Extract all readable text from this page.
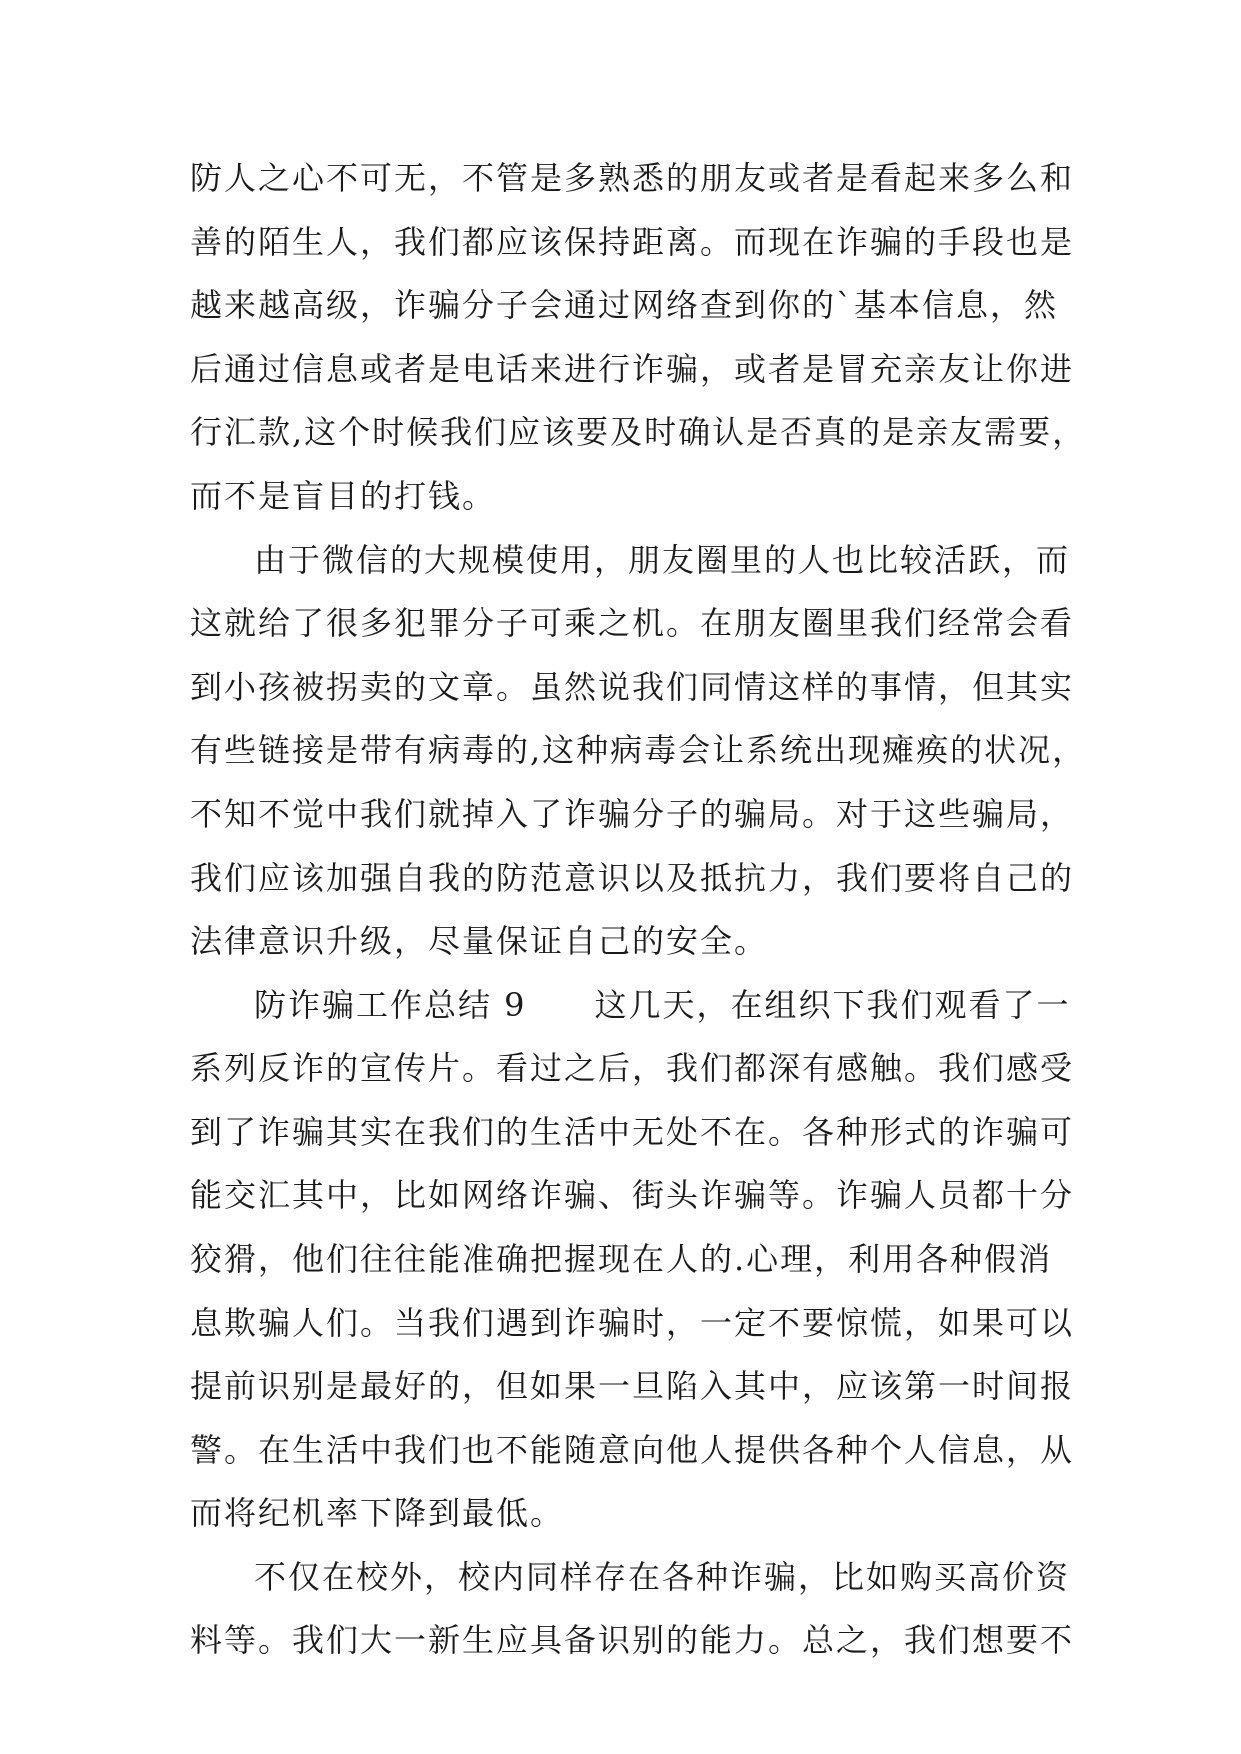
防人之心不可无，不管是多熟悉的朋友或者是看起来多么和
善的陌生人，我们都应该保持距离。而现在诈骗的手段也是
越来越高级，诈骗分子会通过网络查到你的`基本信息，然
后通过信息或者是电话来进行诈骗，或者是冒充亲友让你进
行汇款,这个时候我们应该要及时确认是否真的是亲友需要，
而不是盲目的打钱。
由于微信的大规模使用，朋友圈里的人也比较活跃，而
这就给了很多犯罪分子可乘之机。在朋友圈里我们经常会看
到小孩被拐卖的文章。虽然说我们同情这样的事情，但其实
有些链接是带有病毒的,这种病毒会让系统出现瘫痪的状况，
不知不觉中我们就掉入了诈骗分子的骗局。对于这些骗局，
我们应该加强自我的防范意识以及抵抗力，我们要将自己的
法律意识升级，尽量保证自己的安全。
防诈骗工作总结 9　　这几天，在组织下我们观看了一
系列反诈的宣传片。看过之后，我们都深有感触。我们感受
到了诈骗其实在我们的生活中无处不在。各种形式的诈骗可
能交汇其中，比如网络诈骗、街头诈骗等。诈骗人员都十分
狡猾，他们往往能准确把握现在人的.心理，利用各种假消
息欺骗人们。当我们遇到诈骗时，一定不要惊慌，如果可以
提前识别是最好的，但如果一旦陷入其中，应该第一时间报
警。在生活中我们也不能随意向他人提供各种个人信息，从
而将纪机率下降到最低。
不仅在校外，校内同样存在各种诈骗，比如购买高价资
料等。我们大一新生应具备识别的能力。总之，我们想要不
